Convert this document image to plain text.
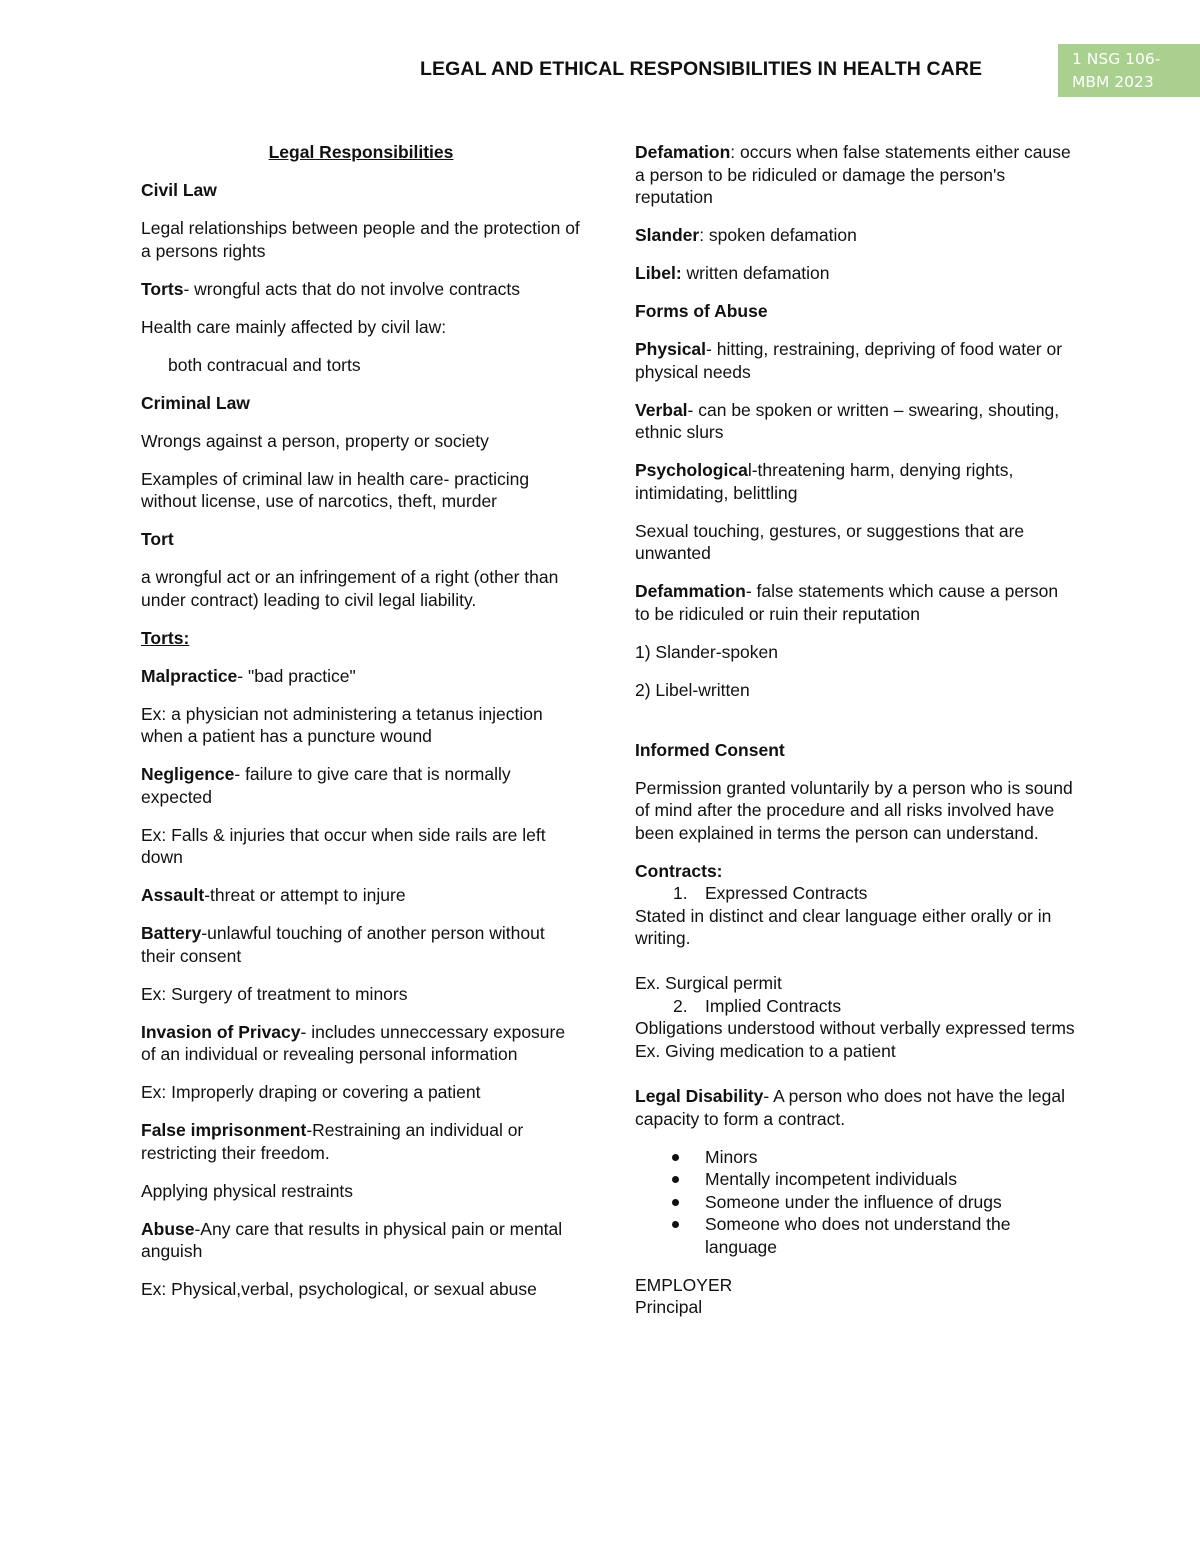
LEGAL AND ETHICAL RESPONSIBILITIES IN HEALTH CARE	1 NSG 106-
MBM 2023

Legal Responsibilities

Civil Law

Legal relationships between people and the protection of a persons rights

Torts- wrongful acts that do not involve contracts

Health care mainly affected by civil law:

both contracual and torts

Criminal Law

Wrongs against a person, property or society

Examples of criminal law in health care- practicing without license, use of narcotics, theft, murder

Tort

a wrongful act or an infringement of a right (other than under contract) leading to civil legal liability.

Torts:

Malpractice- "bad practice"

Ex: a physician not administering a tetanus injection when a patient has a puncture wound

Negligence- failure to give care that is normally expected

Ex: Falls & injuries that occur when side rails are left down

Assault-threat or attempt to injure

Battery-unlawful touching of another person without their consent

Ex: Surgery of treatment to minors

Invasion of Privacy- includes unneccessary exposure of an individual or revealing personal information

Ex: Improperly draping or covering a patient

False imprisonment-Restraining an individual or restricting their freedom.

Applying physical restraints

Abuse-Any care that results in physical pain or mental anguish

Ex: Physical,verbal, psychological, or sexual abuse

Defamation: occurs when false statements either cause a person to be ridiculed or damage the person's reputation

Slander: spoken defamation

Libel: written defamation

Forms of Abuse

Physical- hitting, restraining, depriving of food water or physical needs

Verbal- can be spoken or written – swearing, shouting, ethnic slurs

Psychological-threatening harm, denying rights, intimidating, belittling

Sexual touching, gestures, or suggestions that are unwanted

Defammation- false statements which cause a person to be ridiculed or ruin their reputation

1) Slander-spoken

2) Libel-written

Informed Consent

Permission granted voluntarily by a person who is sound of mind after the procedure and all risks involved have been explained in terms the person can understand.

Contracts:

1. Expressed Contracts

Stated in distinct and clear language either orally or in writing.

Ex. Surgical permit

2. Implied Contracts

Obligations understood without verbally expressed terms

Ex. Giving medication to a patient

Legal Disability- A person who does not have the legal capacity to form a contract.

Minors
Mentally incompetent individuals
Someone under the influence of drugs
Someone who does not understand the language

EMPLOYER

Principal
